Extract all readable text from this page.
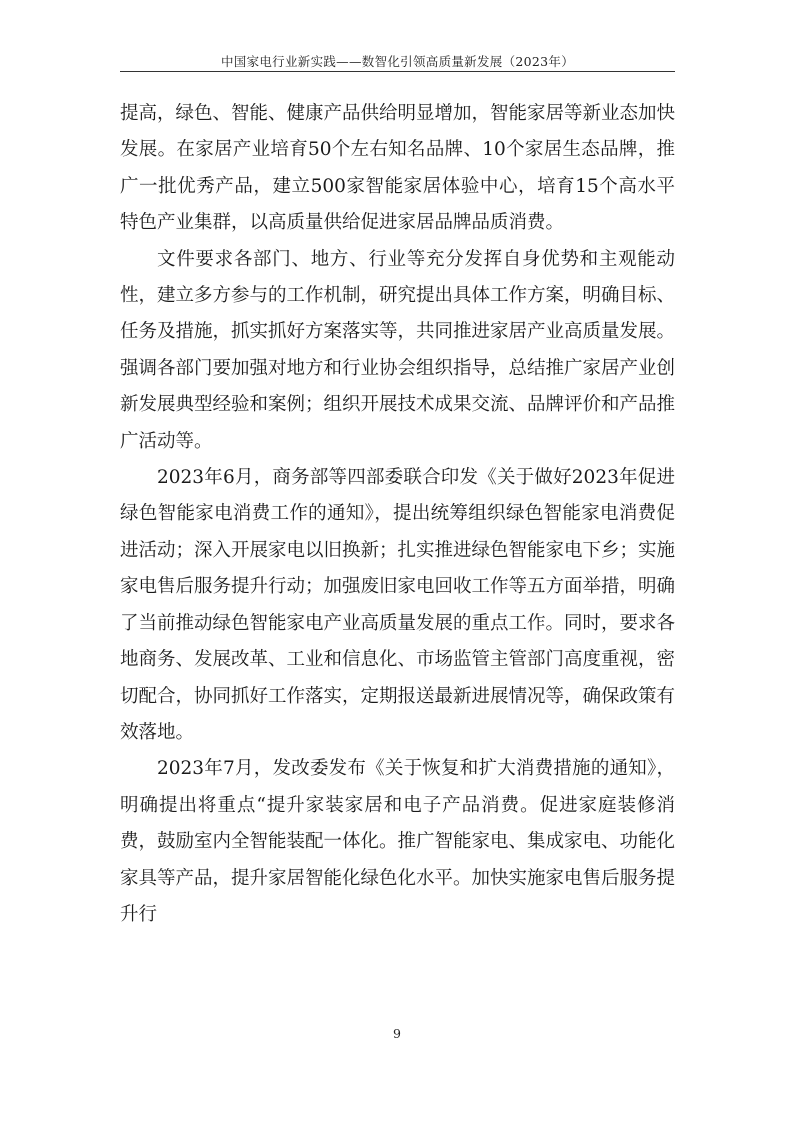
中国家电行业新实践——数智化引领高质量新发展（2023年）

提高，绿色、智能、健康产品供给明显增加，智能家居等新业态加快发展。在家居产业培育50个左右知名品牌、10个家居生态品牌，推广一批优秀产品，建立500家智能家居体验中心，培育15个高水平特色产业集群，以高质量供给促进家居品牌品质消费。

文件要求各部门、地方、行业等充分发挥自身优势和主观能动性，建立多方参与的工作机制，研究提出具体工作方案，明确目标、任务及措施，抓实抓好方案落实等，共同推进家居产业高质量发展。强调各部门要加强对地方和行业协会组织指导，总结推广家居产业创新发展典型经验和案例；组织开展技术成果交流、品牌评价和产品推广活动等。

2023年6月，商务部等四部委联合印发《关于做好2023年促进绿色智能家电消费工作的通知》，提出统筹组织绿色智能家电消费促进活动；深入开展家电以旧换新；扎实推进绿色智能家电下乡；实施家电售后服务提升行动；加强废旧家电回收工作等五方面举措，明确了当前推动绿色智能家电产业高质量发展的重点工作。同时，要求各地商务、发展改革、工业和信息化、市场监管主管部门高度重视，密切配合，协同抓好工作落实，定期报送最新进展情况等，确保政策有效落地。

2023年7月，发改委发布《关于恢复和扩大消费措施的通知》，明确提出将重点“提升家装家居和电子产品消费。促进家庭装修消费，鼓励室内全智能装配一体化。推广智能家电、集成家电、功能化家具等产品，提升家居智能化绿色化水平。加快实施家电售后服务提升行

9
